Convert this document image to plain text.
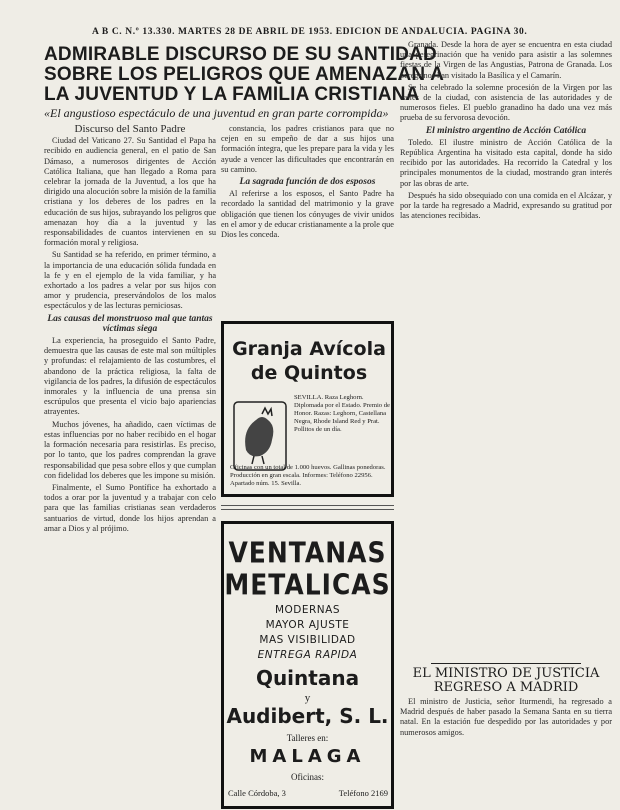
A B C. N.º 13.330. MARTES 28 DE ABRIL DE 1953. EDICION DE ANDALUCIA. PAGINA 30.
ADMIRABLE DISCURSO DE SU SANTIDAD
SOBRE LOS PELIGROS QUE AMENAZAN A
LA JUVENTUD Y LA FAMILIA CRISTIANA
«El angustioso espectáculo de una juventud en gran parte corrompida»

Discurso del Santo Padre

Ciudad del Vaticano 27. Su Santidad el Papa ha recibido en audiencia general, en el patio de San Dámaso, a numerosos dirigentes de Acción Católica Italiana, que han llegado a Roma para celebrar la jornada de la Juventud, a los que ha dirigido una alocución sobre la misión de la familia cristiana y los deberes de los padres en la educación de sus hijos, subrayando los peligros que amenazan hoy día a la juventud y las responsabilidades de cuantos intervienen en su formación moral y religiosa.

Su Santidad se ha referido, en primer término, a la importancia de una educación sólida fundada en la fe y en el ejemplo de la vida familiar, y ha exhortado a los padres a velar por sus hijos con amor y prudencia, preservándolos de los malos espectáculos y de las lecturas perniciosas.

Las causas del monstruoso mal que tantas víctimas siega

La experiencia, ha proseguido el Santo Padre, demuestra que las causas de este mal son múltiples y profundas: el relajamiento de las costumbres, el abandono de la práctica religiosa, la falta de vigilancia de los padres, la difusión de espectáculos inmorales y la influencia de una prensa sin escrúpulos que presenta el vicio bajo apariencias atrayentes.

Muchos jóvenes, ha añadido, caen víctimas de estas influencias por no haber recibido en el hogar la formación necesaria para resistirlas. Es preciso, por lo tanto, que los padres comprendan la grave responsabilidad que pesa sobre ellos y que cumplan con fidelidad los deberes que les impone su misión.

Finalmente, el Sumo Pontífice ha exhortado a todos a orar por la juventud y a trabajar con celo para que las familias cristianas sean verdaderos santuarios de virtud, donde los hijos aprendan a amar a Dios y al prójimo.

constancia, los padres cristianos para que no cejen en su empeño de dar a sus hijos una formación íntegra, que les prepare para la vida y les ayude a vencer las dificultades que encontrarán en su camino.

La sagrada función de dos esposos

Al referirse a los esposos, el Santo Padre ha recordado la santidad del matrimonio y la grave obligación que tienen los cónyuges de vivir unidos en el amor y de educar cristianamente a la prole que Dios les conceda.

Granja Avícola
de Quintos
SEVILLA. Raza Leghorn. Diplomada por el Estado. Premio de Honor. Razas: Leghorn, Castellana Negra, Rhode Island Red y Prat. Pollitos de un día.
Oficinas con un total de 1.000 huevos. Gallinas ponedoras. Producción en gran escala. Informes: Teléfono 22956. Apartado núm. 15. Sevilla.
VENTANAS
METALICAS
MODERNAS
MAYOR AJUSTE
MAS VISIBILIDAD
ENTREGA RAPIDA
Quintana
y
Audibert, S. L.
Talleres en:
MALAGA
Oficinas:
Calle Córdoba, 3	Teléfono 2169

Granada. Desde la hora de ayer se encuentra en esta ciudad una peregrinación que ha venido para asistir a las solemnes fiestas de la Virgen de las Angustias, Patrona de Granada. Los peregrinos han visitado la Basílica y el Camarín.

Se ha celebrado la solemne procesión de la Virgen por las calles de la ciudad, con asistencia de las autoridades y de numerosos fieles. El pueblo granadino ha dado una vez más prueba de su fervorosa devoción.

El ministro argentino de Acción Católica

Toledo. El ilustre ministro de Acción Católica de la República Argentina ha visitado esta capital, donde ha sido recibido por las autoridades. Ha recorrido la Catedral y los principales monumentos de la ciudad, mostrando gran interés por las obras de arte.

Después ha sido obsequiado con una comida en el Alcázar, y por la tarde ha regresado a Madrid, expresando su gratitud por las atenciones recibidas.

EL MINISTRO DE JUSTICIA
REGRESO A MADRID

El ministro de Justicia, señor Iturmendi, ha regresado a Madrid después de haber pasado la Semana Santa en su tierra natal. En la estación fue despedido por las autoridades y por numerosos amigos.
